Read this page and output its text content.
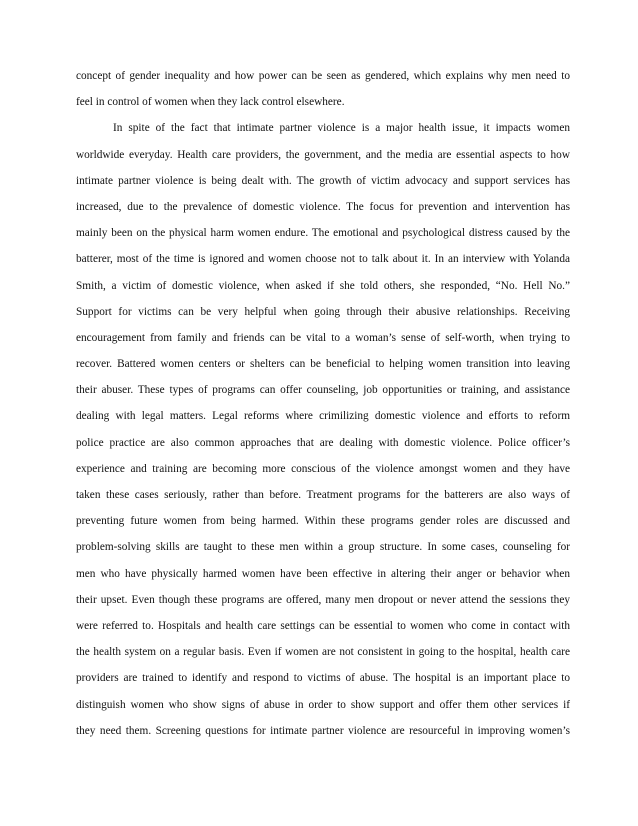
concept of gender inequality and how power can be seen as gendered, which explains why men need to
feel in control of women when they lack control elsewhere.
In spite of the fact that intimate partner violence is a major health issue, it impacts women
worldwide everyday. Health care providers, the government, and the media are essential aspects to how
intimate partner violence is being dealt with. The growth of victim advocacy and support services has
increased, due to the prevalence of domestic violence. The focus for prevention and intervention has
mainly been on the physical harm women endure. The emotional and psychological distress caused by the
batterer, most of the time is ignored and women choose not to talk about it. In an interview with Yolanda
Smith, a victim of domestic violence, when asked if she told others, she responded, “No. Hell No.”
Support for victims can be very helpful when going through their abusive relationships. Receiving
encouragement from family and friends can be vital to a woman’s sense of self-worth, when trying to
recover. Battered women centers or shelters can be beneficial to helping women transition into leaving
their abuser. These types of programs can offer counseling, job opportunities or training, and assistance
dealing with legal matters. Legal reforms where crimilizing domestic violence and efforts to reform
police practice are also common approaches that are dealing with domestic violence. Police officer’s
experience and training are becoming more conscious of the violence amongst women and they have
taken these cases seriously, rather than before. Treatment programs for the batterers are also ways of
preventing future women from being harmed. Within these programs gender roles are discussed and
problem-solving skills are taught to these men within a group structure. In some cases, counseling for
men who have physically harmed women have been effective in altering their anger or behavior when
their upset. Even though these programs are offered, many men dropout or never attend the sessions they
were referred to. Hospitals and health care settings can be essential to women who come in contact with
the health system on a regular basis. Even if women are not consistent in going to the hospital, health care
providers are trained to identify and respond to victims of abuse. The hospital is an important place to
distinguish women who show signs of abuse in order to show support and offer them other services if
they need them. Screening questions for intimate partner violence are resourceful in improving women’s
